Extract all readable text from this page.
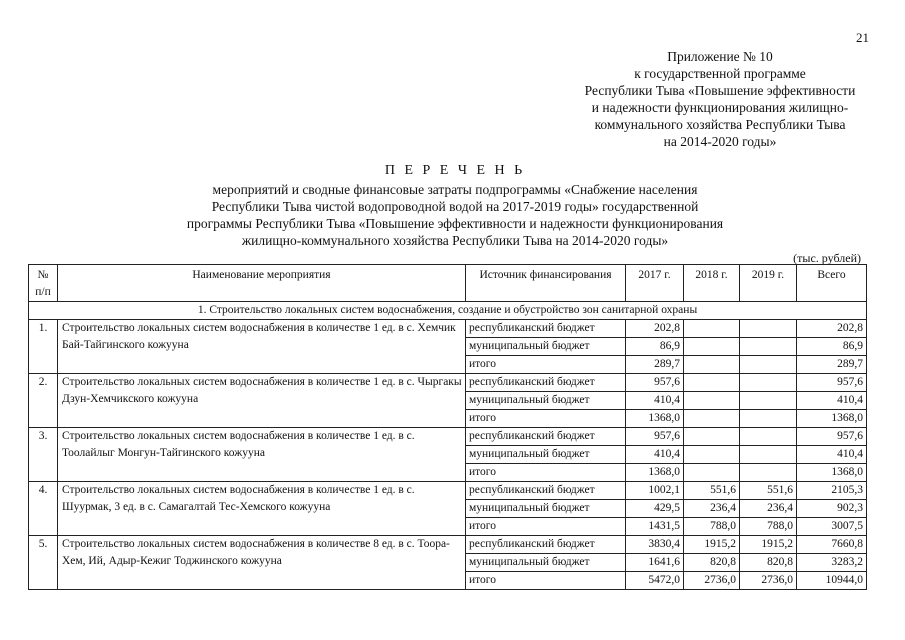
21
Приложение № 10
к государственной программе
Республики Тыва «Повышение эффективности
и надежности функционирования жилищно-
коммунального хозяйства Республики Тыва
на 2014-2020 годы»
П Е Р Е Ч Е Н Ь
мероприятий и сводные финансовые затраты подпрограммы «Снабжение населения
Республики Тыва чистой водопроводной водой на 2017-2019 годы» государственной
программы Республики Тыва «Повышение эффективности и надежности функционирования
жилищно-коммунального хозяйства Республики Тыва на 2014-2020 годы»
(тыс. рублей)
№
п/п	Наименование мероприятия	Источник финансирования	2017 г.	2018 г.	2019 г.	Всего
1. Строительство локальных систем водоснабжения, создание и обустройство зон санитарной охраны						
1.	Строительство локальных систем водоснабжения в количестве 1 ед. в с. Хемчик Бай-Тайгинского кожууна	республиканский бюджет	202,8			202,8
		муниципальный бюджет	86,9			86,9
		итого	289,7			289,7
2.	Строительство локальных систем водоснабжения в количестве 1 ед. в с. Чыргакы Дзун-Хемчикского кожууна	республиканский бюджет	957,6			957,6
		муниципальный бюджет	410,4			410,4
		итого	1368,0			1368,0
3.	Строительство локальных систем водоснабжения в количестве 1 ед. в с. Тоолайлыг Монгун-Тайгинского кожууна	республиканский бюджет	957,6			957,6
		муниципальный бюджет	410,4			410,4
		итого	1368,0			1368,0
4.	Строительство локальных систем водоснабжения в количестве 1 ед. в с. Шуурмак, 3 ед. в с. Самагалтай Тес-Хемского кожууна	республиканский бюджет	1002,1	551,6	551,6	2105,3
		муниципальный бюджет	429,5	236,4	236,4	902,3
		итого	1431,5	788,0	788,0	3007,5
5.	Строительство локальных систем водоснабжения в количестве 8 ед. в с. Тоора-Хем, Ий, Адыр-Кежиг Тоджинского кожууна	республиканский бюджет	3830,4	1915,2	1915,2	7660,8
		муниципальный бюджет	1641,6	820,8	820,8	3283,2
		итого	5472,0	2736,0	2736,0	10944,0
